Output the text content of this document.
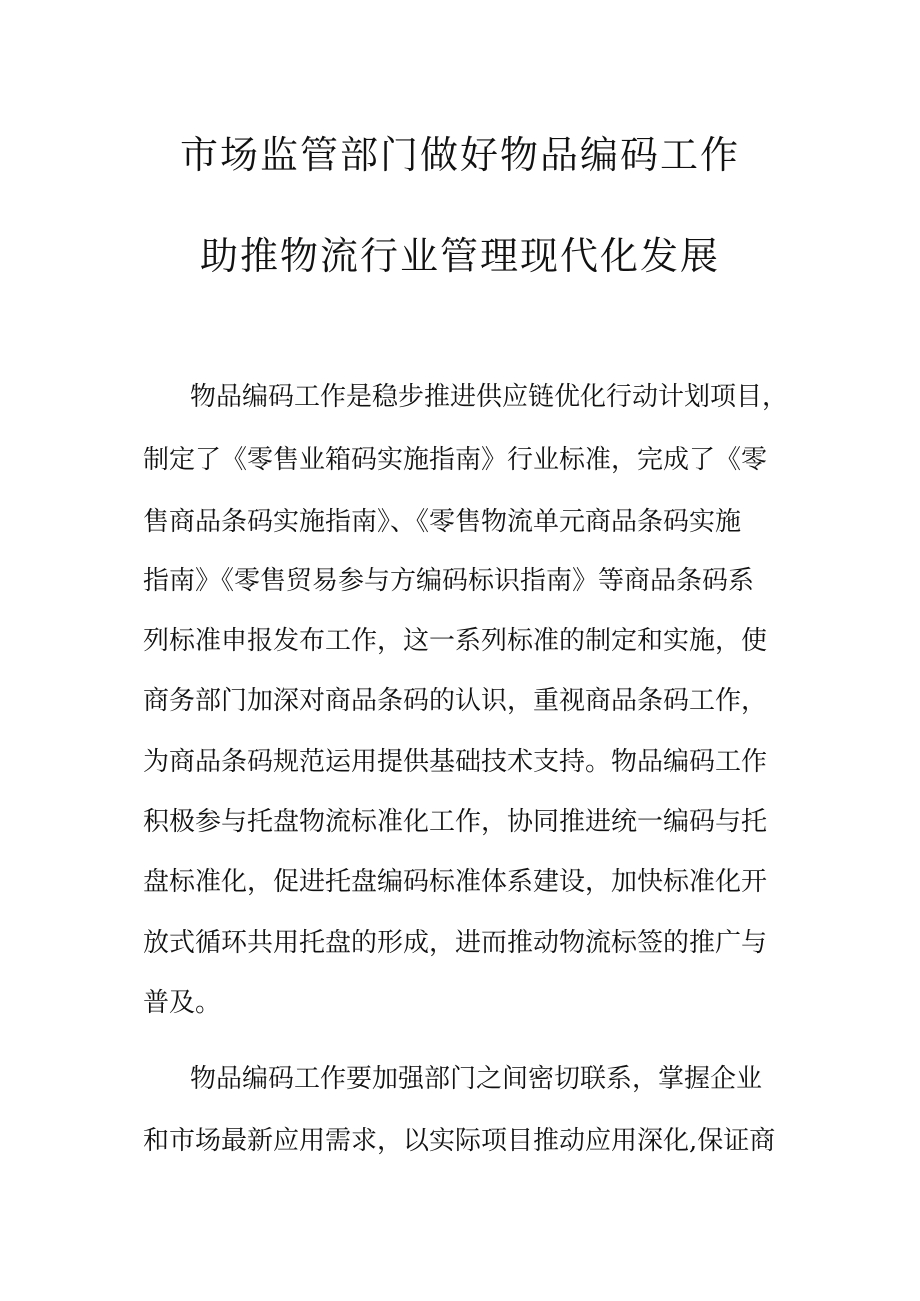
市场监管部门做好物品编码工作
助推物流行业管理现代化发展
物品编码工作是稳步推进供应链优化行动计划项目，
制定了《零售业箱码实施指南》行业标准，完成了《零
售商品条码实施指南》、《零售物流单元商品条码实施
指南》《零售贸易参与方编码标识指南》等商品条码系
列标准申报发布工作，这一系列标准的制定和实施，使
商务部门加深对商品条码的认识，重视商品条码工作，
为商品条码规范运用提供基础技术支持。物品编码工作
积极参与托盘物流标准化工作，协同推进统一编码与托
盘标准化，促进托盘编码标准体系建设，加快标准化开
放式循环共用托盘的形成，进而推动物流标签的推广与
普及。
物品编码工作要加强部门之间密切联系，掌握企业
和市场最新应用需求，以实际项目推动应用深化,保证商
